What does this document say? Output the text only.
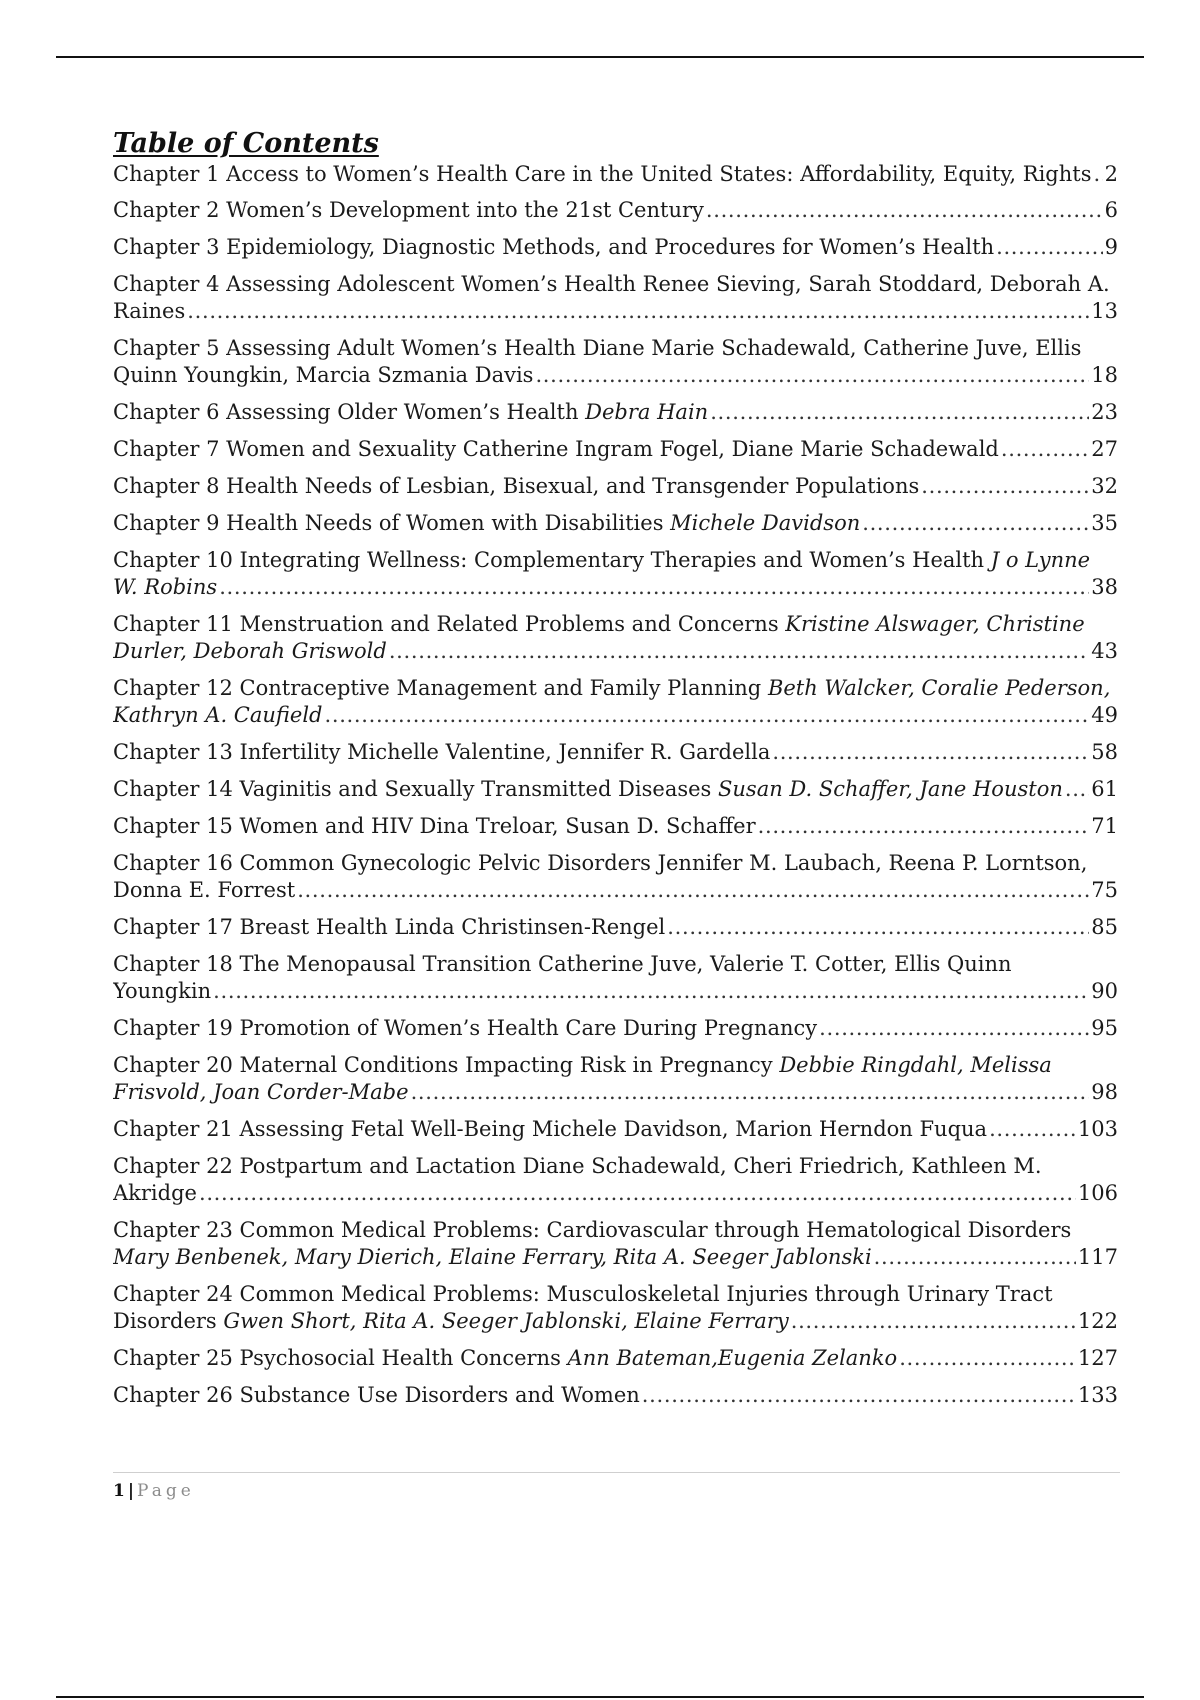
Table of Contents
Chapter 1 Access to Women’s Health Care in the United States: Affordability, Equity, Rights . . . 2
Chapter 2 Women’s Development into the 21st Century . . .	6
Chapter 3 Epidemiology, Diagnostic Methods, and Procedures for Women’s Health . . .	9
Chapter 4 Assessing Adolescent Women’s Health Renee Sieving, Sarah Stoddard, Deborah A.
Raines . . .	13
Chapter 5 Assessing Adult Women’s Health Diane Marie Schadewald, Catherine Juve, Ellis
Quinn Youngkin, Marcia Szmania Davis . . .	18
Chapter 6 Assessing Older Women’s Health Debra Hain . . .	23
Chapter 7 Women and Sexuality Catherine Ingram Fogel, Diane Marie Schadewald . . .	27
Chapter 8 Health Needs of Lesbian, Bisexual, and Transgender Populations . . .	32
Chapter 9 Health Needs of Women with Disabilities Michele Davidson . . .	35
Chapter 10 Integrating Wellness: Complementary Therapies and Women’s Health J o Lynne
W. Robins . . .	38
Chapter 11 Menstruation and Related Problems and Concerns Kristine Alswager, Christine
Durler, Deborah Griswold . . .	43
Chapter 12 Contraceptive Management and Family Planning Beth Walcker, Coralie Pederson,
Kathryn A. Caufield . . .	49
Chapter 13 Infertility Michelle Valentine, Jennifer R. Gardella . . .	58
Chapter 14 Vaginitis and Sexually Transmitted Diseases Susan D. Schaffer, Jane Houston . . . 61
Chapter 15 Women and HIV Dina Treloar, Susan D. Schaffer . . .	71
Chapter 16 Common Gynecologic Pelvic Disorders Jennifer M. Laubach, Reena P. Lorntson,
Donna E. Forrest . . .	75
Chapter 17 Breast Health Linda Christinsen-Rengel . . .	85
Chapter 18 The Menopausal Transition Catherine Juve, Valerie T. Cotter, Ellis Quinn
Youngkin . . .	90
Chapter 19 Promotion of Women’s Health Care During Pregnancy . . .	95
Chapter 20 Maternal Conditions Impacting Risk in Pregnancy Debbie Ringdahl, Melissa
Frisvold, Joan Corder-Mabe . . .	98
Chapter 21 Assessing Fetal Well-Being Michele Davidson, Marion Herndon Fuqua . . .	103
Chapter 22 Postpartum and Lactation Diane Schadewald, Cheri Friedrich, Kathleen M.
Akridge . . .	106
Chapter 23 Common Medical Problems: Cardiovascular through Hematological Disorders
Mary Benbenek, Mary Dierich, Elaine Ferrary, Rita A. Seeger Jablonski . . .	117
Chapter 24 Common Medical Problems: Musculoskeletal Injuries through Urinary Tract
Disorders Gwen Short, Rita A. Seeger Jablonski, Elaine Ferrary . . .	122
Chapter 25 Psychosocial Health Concerns Ann Bateman,Eugenia Zelanko . . .	127
Chapter 26 Substance Use Disorders and Women . . .	133
1 | Page
